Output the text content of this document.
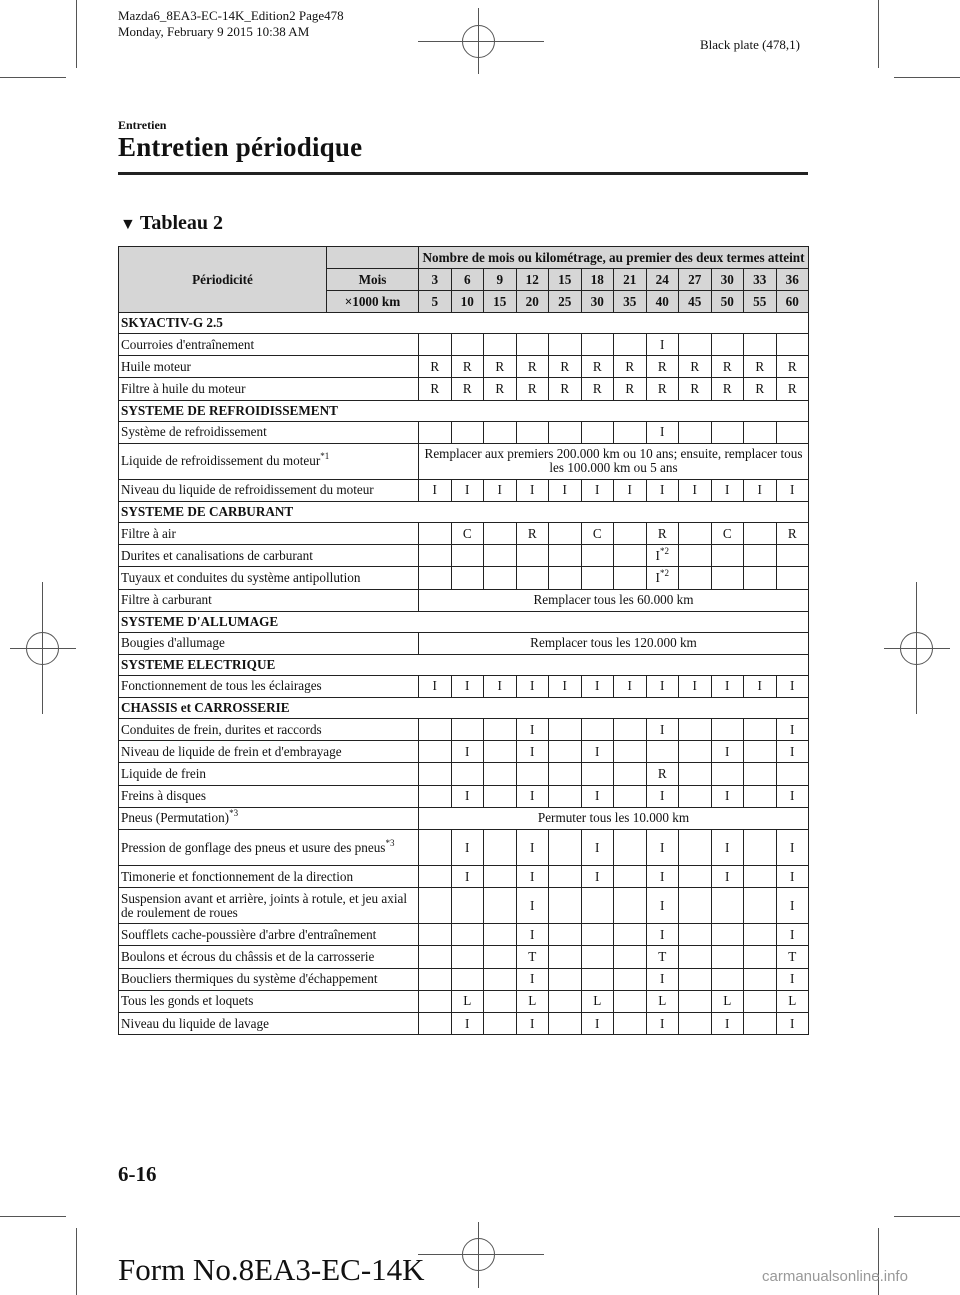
Mazda6_8EA3-EC-14K_Edition2 Page478
Monday, February 9 2015 10:38 AM
Black plate (478,1)
Entretien
Entretien périodique
▼ Tableau 2
Périodicité		Nombre de mois ou kilométrage, au premier des deux termes atteint											
	Mois	3	6	9	12	15	18	21	24	27	30	33	36
	×1000 km	5	10	15	20	25	30	35	40	45	50	55	60
SKYACTIV-G 2.5													
Courroies d'entraînement									I				
Huile moteur		R	R	R	R	R	R	R	R	R	R	R	R
Filtre à huile du moteur		R	R	R	R	R	R	R	R	R	R	R	R
SYSTEME DE REFROIDISSEMENT													
Système de refroidissement									I				
Liquide de refroidissement du moteur$^{*1}$		Remplacer aux premiers 200.000 km ou 10 ans; ensuite, remplacer tous les 100.000 km ou 5 ans											
Niveau du liquide de refroidissement du moteur		I	I	I	I	I	I	I	I	I	I	I	I
SYSTEME DE CARBURANT													
Filtre à air			C		R		C		R		C		R
Durites et canalisations de carburant									$I^{*2}$				
Tuyaux et conduites du système antipollution									$I^{*2}$				
Filtre à carburant		Remplacer tous les 60.000 km											
SYSTEME D'ALLUMAGE													
Bougies d'allumage		Remplacer tous les 120.000 km											
SYSTEME ELECTRIQUE													
Fonctionnement de tous les éclairages		I	I	I	I	I	I	I	I	I	I	I	I
CHASSIS et CARROSSERIE													
Conduites de frein, durites et raccords					I				I				I
Niveau de liquide de frein et d'embrayage			I		I		I				I		I
Liquide de frein									R				
Freins à disques			I		I		I		I		I		I
Pneus (Permutation)$^{*3}$		Permuter tous les 10.000 km											
Pression de gonflage des pneus et usure des pneus$^{*3}$			I		I		I		I		I		I
Timonerie et fonctionnement de la direction			I		I		I		I		I		I
Suspension avant et arrière, joints à rotule, et jeu axial de roulement de roues					I				I				I
Soufflets cache-poussière d'arbre d'entraînement					I				I				I
Boulons et écrous du châssis et de la carrosserie					T				T				T
Boucliers thermiques du système d'échappement					I				I				I
Tous les gonds et loquets			L		L		L		L		L		L
Niveau du liquide de lavage			I		I		I		I		I		I
6-16
Form No.8EA3-EC-14K	carmanualsonline.info
